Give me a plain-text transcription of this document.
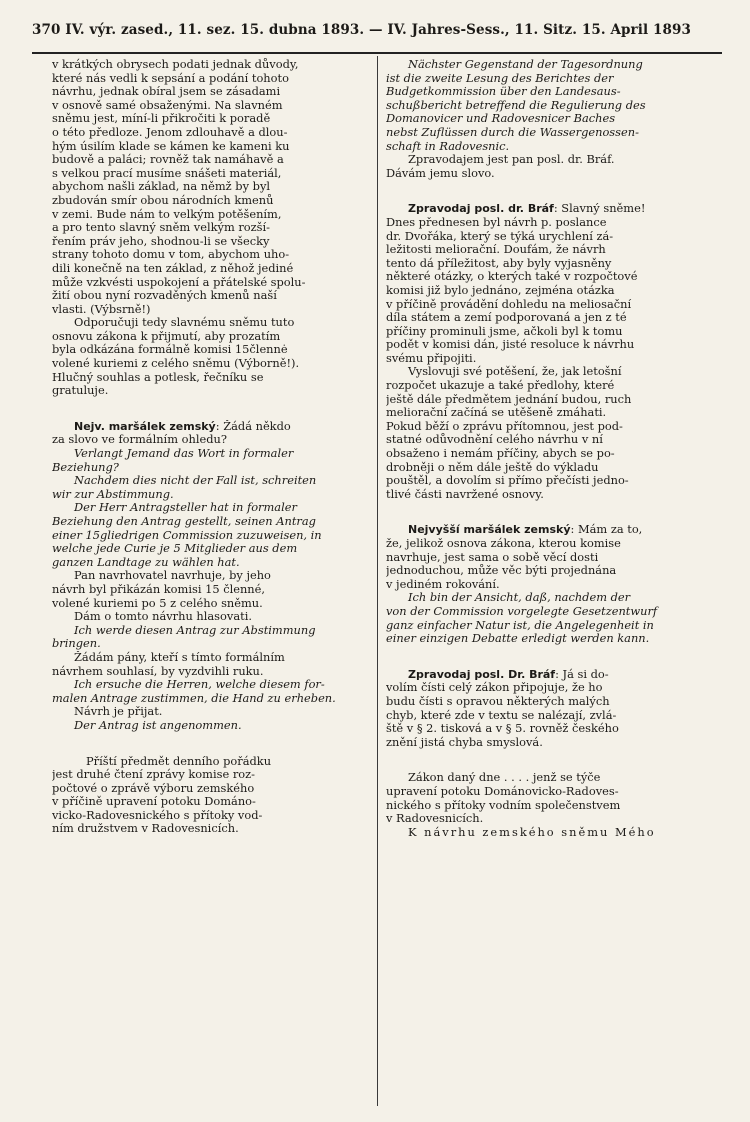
370 IV. výr. zased., 11. sez. 15. dubna 1893. — IV. Jahres-Sess., 11. Sitz. 15. April 1893
v krátkých obrysech podati jednak důvody,
které nás vedli k sepsání a podání tohoto
návrhu, jednak obíral jsem se zásadami
v osnově samé obsaženými. Na slavném
sněmu jest, míní-li přikročiti k poradě
o této předloze. Jenom zdlouhavě a dlou-
hým úsilím klade se kámen ke kameni ku
budově a paláci; rovněž tak namáhavě a
s velkou prací musíme snášeti materiál,
abychom našli základ, na němž by byl
zbudován smír obou národních kmenů
v zemi. Bude nám to velkým potěšením,
a pro tento slavný sněm velkým rozší-
řením práv jeho, shodnou-li se všecky
strany tohoto domu v tom, abychom uho-
dili konečně na ten základ, z něhož jediné
může vzkvésti uspokojení a přátelské spolu-
žití obou nyní rozvaděných kmenů naší
vlasti. (Výbsrně!)
Odporučuji tedy slavnému sněmu tuto
osnovu zákona k přijmutí, aby prozatím
byla odkázána formálně komisi 15člennė
volené kuriemi z celého sněmu (Výborně!).
Hlučný souhlas a potlesk, řečníku se
gratuluje.
Nejv. maršálek zemský: Žádá někdo
za slovo ve formálním ohledu?
Verlangt Jemand das Wort in formaler
Beziehung?
Nachdem dies nicht der Fall ist, schreiten
wir zur Abstimmung.
Der Herr Antragsteller hat in formaler
Beziehung den Antrag gestellt, seinen Antrag
einer 15gliedrigen Commission zuzuweisen, in
welche jede Curie je 5 Mitglieder aus dem
ganzen Landtage zu wählen hat.
Pan navrhovatel navrhuje, by jeho
návrh byl přikázán komisi 15 členné,
volené kuriemi po 5 z celého sněmu.
Dám o tomto návrhu hlasovati.
Ich werde diesen Antrag zur Abstimmung
bringen.
Žádám pány, kteří s tímto formálním
návrhem souhlasí, by vyzdvihli ruku.
Ich ersuche die Herren, welche diesem for-
malen Antrage zustimmen, die Hand zu erheben.
Návrh je přijat.
Der Antrag ist angenommen.
Příští předmět denního pořádku
jest druhé čtení zprávy komise roz-
počtové o zprávě výboru zemského
v příčině upravení potoku Dománo-
vicko-Radovesnického s přítoky vod-
ním družstvem v Radovesnicích.
Nächster Gegenstand der Tagesordnung
ist die zweite Lesung des Berichtes der
Budgetkommission über den Landesaus-
schußbericht betreffend die Regulierung des
Domanovicer und Radovesnicer Baches
nebst Zuflüssen durch die Wassergenossen-
schaft in Radovesnic.
Zpravodajem jest pan posl. dr. Bráf.
Dávám jemu slovo.
Zpravodaj posl. dr. Bráf: Slavný sněme!
Dnes přednesen byl návrh p. poslance
dr. Dvořáka, který se týká urychlení zá-
ležitosti meliorační. Doufám, že návrh
tento dá příležitost, aby byly vyjasněny
některé otázky, o kterých také v rozpočtové
komisi již bylo jednáno, zejména otázka
v příčině provádění dohledu na meliosační
díla státem a zemí podporovaná a jen z té
příčiny prominuli jsme, ačkoli byl k tomu
podět v komisi dán, jisté resoluce k návrhu
svému připojiti.
Vyslovuji své potěšení, že, jak letošní
rozpočet ukazuje a také předlohy, které
ještě dále předmětem jednání budou, ruch
meliorační začíná se utěšeně zmáhati.
Pokud běží o zprávu přítomnou, jest pod-
statné odůvodnění celého návrhu v ní
obsaženo i nemám příčiny, abych se po-
drobněji o něm dále ještě do výkladu
pouštěl, a dovolím si přímo přečísti jedno-
tlivé části navržené osnovy.
Nejvyšší maršálek zemský: Mám za to,
že, jelikož osnova zákona, kterou komise
navrhuje, jest sama o sobě věcí dosti
jednoduchou, může věc býti projednána
v jediném rokování.
Ich bin der Ansicht, daß, nachdem der
von der Commission vorgelegte Gesetzentwurf
ganz einfacher Natur ist, die Angelegenheit in
einer einzigen Debatte erledigt werden kann.
Zpravodaj posl. Dr. Bráf: Já si do-
volím čísti celý zákon připojuje, že ho
budu čísti s opravou některých malých
chyb, které zde v textu se nalézají, zvlá-
ště v § 2. tisková a v § 5. rovněž českého
znění jistá chyba smyslová.
Zákon daný dne . . . . jenž se týče
upravení potoku Dománovicko-Radoves-
nického s přítoky vodním společenstvem
v Radovesnicích.
K návrhu zemského sněmu Mého
